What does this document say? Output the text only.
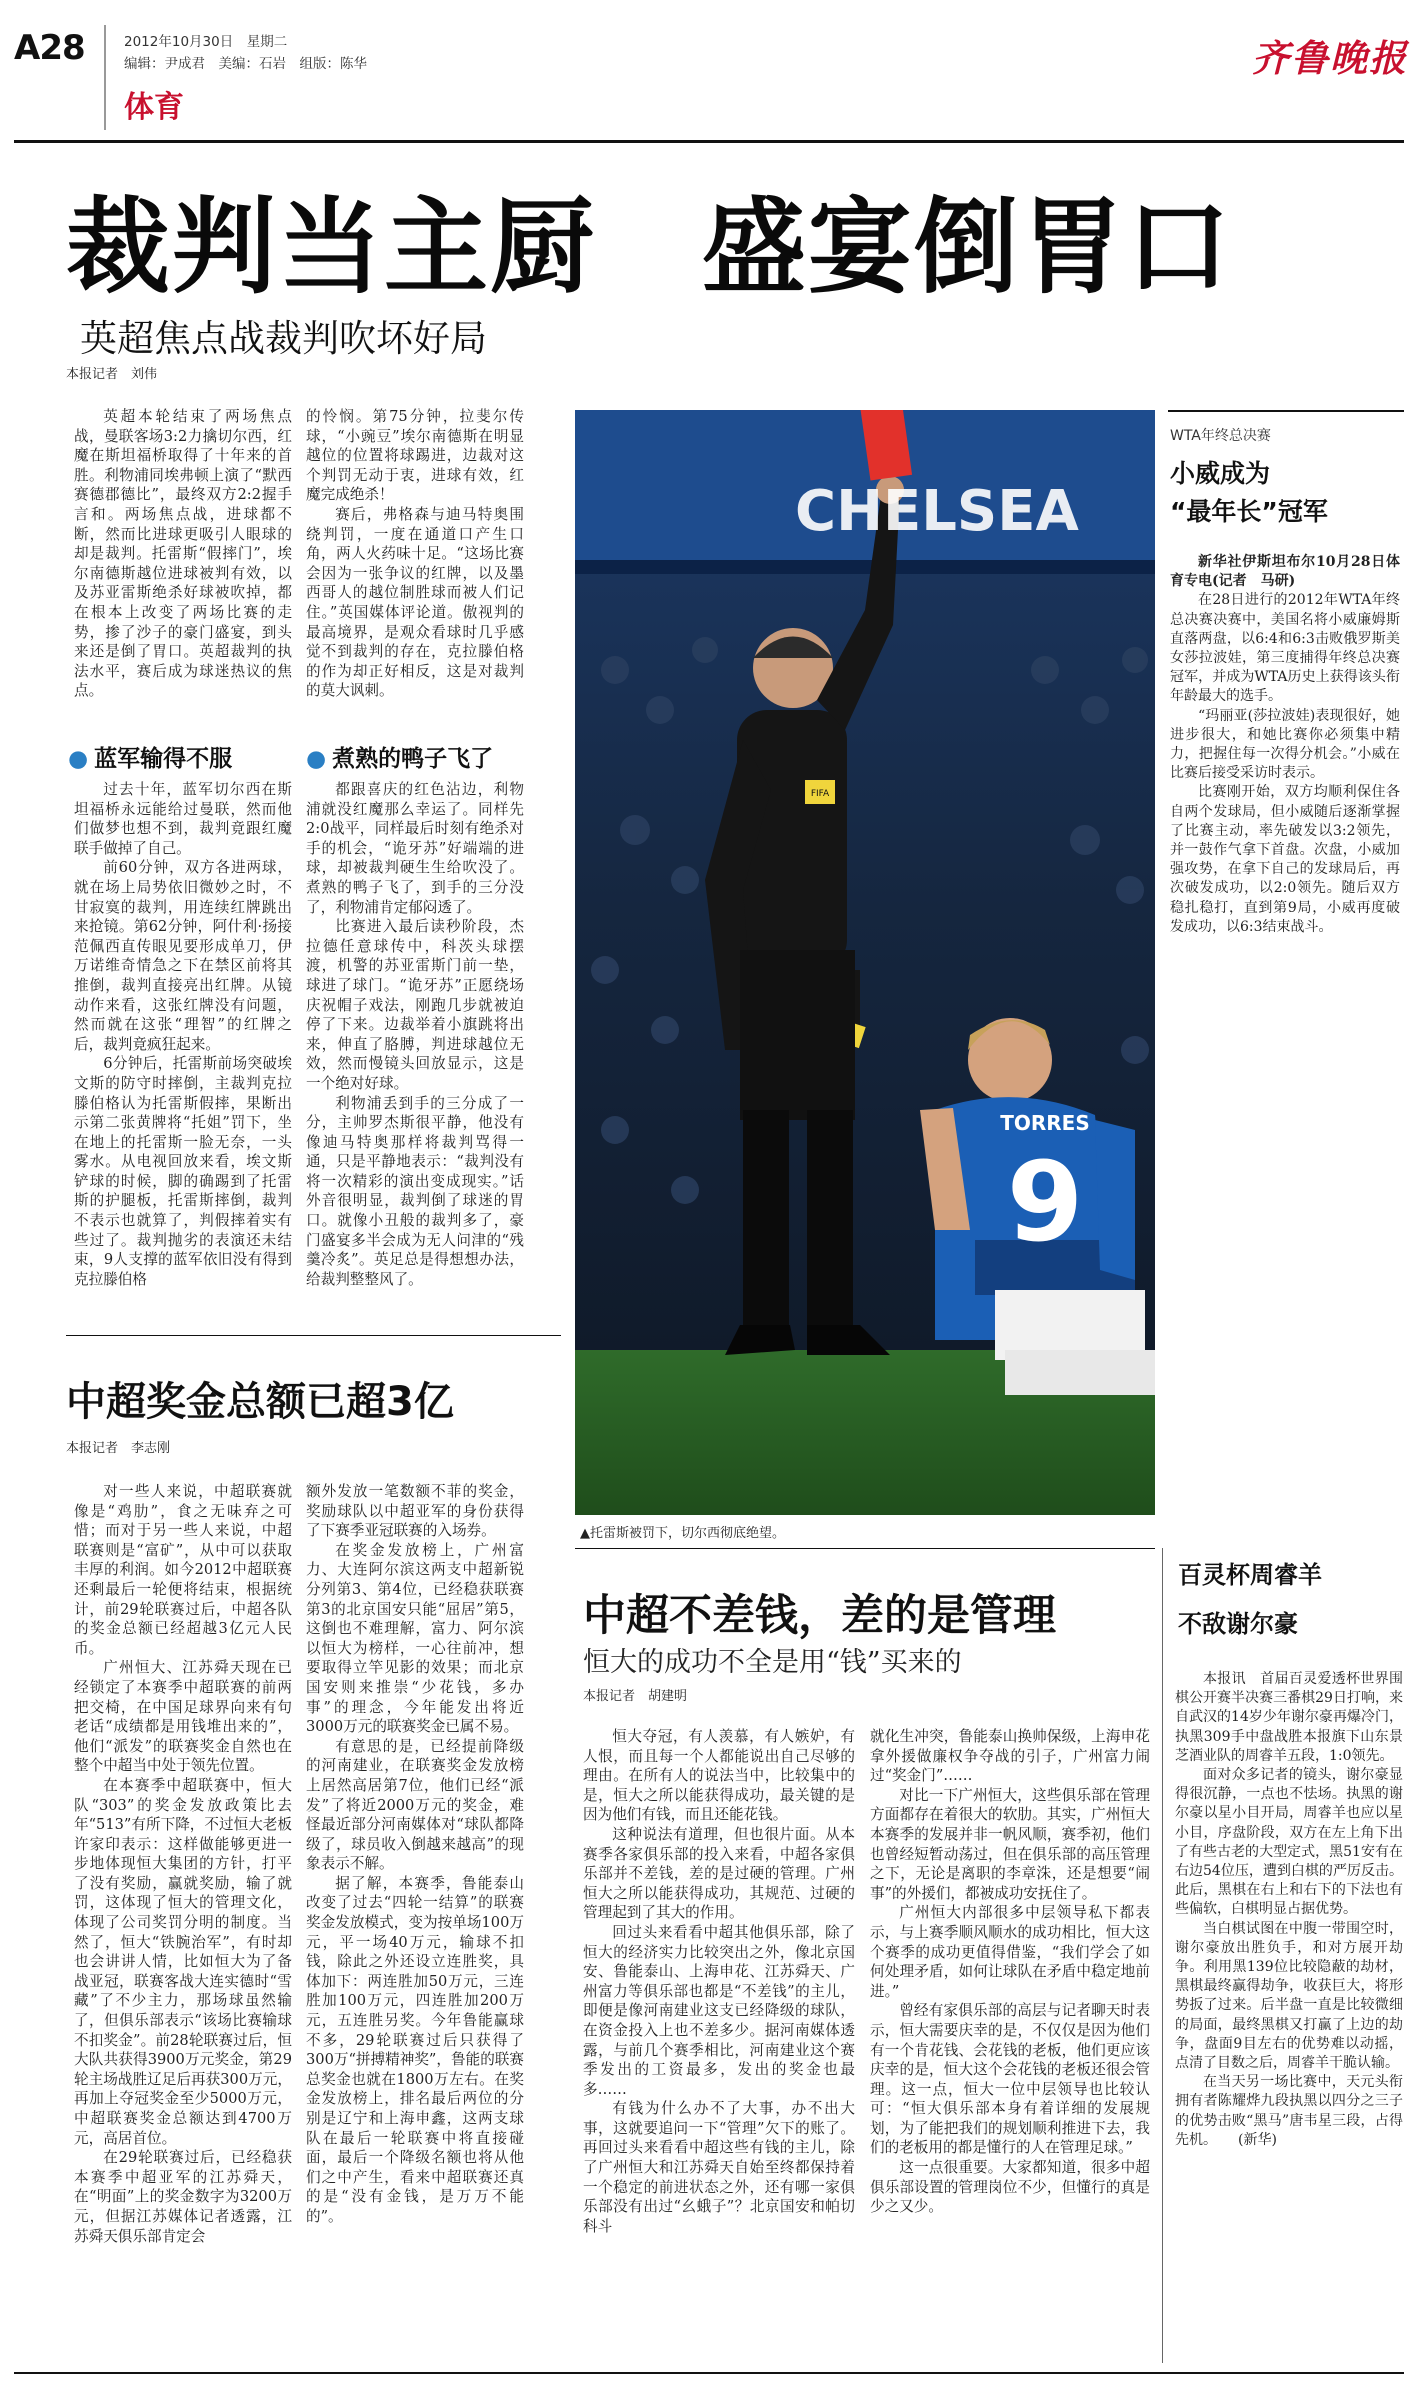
A28	2012年10月30日　星期二
编辑：尹成君　美编：石岩　组版：陈华
体育
齐鲁晚报
裁判当主厨　盛宴倒胃口
英超焦点战裁判吹坏好局
本报记者　刘伟

英超本轮结束了两场焦点战，曼联客场3:2力擒切尔西，红魔在斯坦福桥取得了十年来的首胜。利物浦同埃弗顿上演了“默西赛德郡德比”，最终双方2:2握手言和。两场焦点战，进球都不断，然而比进球更吸引人眼球的却是裁判。托雷斯“假摔门”，埃尔南德斯越位进球被判有效，以及苏亚雷斯绝杀好球被吹掉，都在根本上改变了两场比赛的走势，掺了沙子的豪门盛宴，到头来还是倒了胃口。英超裁判的执法水平，赛后成为球迷热议的焦点。

的怜悯。第75分钟，拉斐尔传球，“小豌豆”埃尔南德斯在明显越位的位置将球踢进，边裁对这个判罚无动于衷，进球有效，红魔完成绝杀！

赛后，弗格森与迪马特奥围绕判罚，一度在通道口产生口角，两人火药味十足。“这场比赛会因为一张争议的红牌，以及墨西哥人的越位制胜球而被人们记住。”英国媒体评论道。傲视判的最高境界，是观众看球时几乎感觉不到裁判的存在，克拉滕伯格的作为却正好相反，这是对裁判的莫大讽刺。

● 蓝军输得不服

过去十年，蓝军切尔西在斯坦福桥永远能给过曼联，然而他们做梦也想不到，裁判竟跟红魔联手做掉了自己。

前60分钟，双方各进两球，就在场上局势依旧微妙之时，不甘寂寞的裁判，用连续红牌跳出来抢镜。第62分钟，阿什利·扬接范佩西直传眼见要形成单刀，伊万诺维奇情急之下在禁区前将其推倒，裁判直接亮出红牌。从镜动作来看，这张红牌没有问题，然而就在这张“理智”的红牌之后，裁判竟疯狂起来。

6分钟后，托雷斯前场突破埃文斯的防守时摔倒，主裁判克拉滕伯格认为托雷斯假摔，果断出示第二张黄牌将“托姐”罚下，坐在地上的托雷斯一脸无奈，一头雾水。从电视回放来看，埃文斯铲球的时候，脚的确踢到了托雷斯的护腿板，托雷斯摔倒，裁判不表示也就算了，判假摔着实有些过了。裁判抛劣的表演还未结束，9人支撑的蓝军依旧没有得到克拉滕伯格

● 煮熟的鸭子飞了

都跟喜庆的红色沾边，利物浦就没红魔那么幸运了。同样先2:0战平，同样最后时刻有绝杀对手的机会，“诡牙苏”好端端的进球，却被裁判硬生生给吹没了。煮熟的鸭子飞了，到手的三分没了，利物浦肯定郁闷透了。

比赛进入最后读秒阶段，杰拉德任意球传中，科茨头球摆渡，机警的苏亚雷斯门前一垫，球进了球门。“诡牙苏”正愿绕场庆祝帽子戏法，刚跑几步就被迫停了下来。边裁举着小旗跳将出来，伸直了胳膊，判进球越位无效，然而慢镜头回放显示，这是一个绝对好球。

利物浦丢到手的三分成了一分，主帅罗杰斯很平静，他没有像迪马特奥那样将裁判骂得一通，只是平静地表示：“裁判没有将一次精彩的演出变成现实。”话外音很明显，裁判倒了球迷的胃口。就像小丑般的裁判多了，豪门盛宴多半会成为无人问津的“残羹冷炙”。英足总是得想想办法，给裁判整整风了。

FIFA
CHELSEA
TORRES
9
▲托雷斯被罚下，切尔西彻底绝望。
WTA年终总决赛
小威成为
“最年长”冠军

新华社伊斯坦布尔10月28日体育专电(记者　马研)

在28日进行的2012年WTA年终总决赛决赛中，美国名将小威廉姆斯直落两盘，以6:4和6:3击败俄罗斯美女莎拉波娃，第三度捕得年终总决赛冠军，并成为WTA历史上获得该头衔年龄最大的选手。

“玛丽亚(莎拉波娃)表现很好，她进步很大，和她比赛你必须集中精力，把握住每一次得分机会。”小威在比赛后接受采访时表示。

比赛刚开始，双方均顺利保住各自两个发球局，但小威随后逐渐掌握了比赛主动，率先破发以3:2领先，并一鼓作气拿下首盘。次盘，小威加强攻势，在拿下自己的发球局后，再次破发成功，以2:0领先。随后双方稳扎稳打，直到第9局，小威再度破发成功，以6:3结束战斗。

中超奖金总额已超3亿
本报记者　李志刚

对一些人来说，中超联赛就像是“鸡肋”，食之无味弃之可惜；而对于另一些人来说，中超联赛则是“富矿”，从中可以获取丰厚的利润。如今2012中超联赛还剩最后一轮便将结束，根据统计，前29轮联赛过后，中超各队的奖金总额已经超越3亿元人民币。

广州恒大、江苏舜天现在已经锁定了本赛季中超联赛的前两把交椅，在中国足球界向来有句老话“成绩都是用钱堆出来的”，他们“派发”的联赛奖金自然也在整个中超当中处于领先位置。

在本赛季中超联赛中，恒大队“303”的奖金发放政策比去年“513”有所下降，不过恒大老板许家印表示：这样做能够更进一步地体现恒大集团的方针，打平了没有奖励，赢就奖励，输了就罚，这体现了恒大的管理文化，体现了公司奖罚分明的制度。当然了，恒大“铁腕治军”，有时却也会讲讲人情，比如恒大为了备战亚冠，联赛客战大连实德时“雪藏”了不少主力，那场球虽然输了，但俱乐部表示“该场比赛输球不扣奖金”。前28轮联赛过后，恒大队共获得3900万元奖金，第29轮主场战胜辽足后再获300万元，再加上夺冠奖金至少5000万元，中超联赛奖金总额达到4700万元，高居首位。

在29轮联赛过后，已经稳获本赛季中超亚军的江苏舜天，在“明面”上的奖金数字为3200万元，但据江苏媒体记者透露，江苏舜天俱乐部肯定会

额外发放一笔数额不菲的奖金，奖励球队以中超亚军的身份获得了下赛季亚冠联赛的入场券。

在奖金发放榜上，广州富力、大连阿尔滨这两支中超新锐分列第3、第4位，已经稳获联赛第3的北京国安只能“屈居”第5，这倒也不难理解，富力、阿尔滨以恒大为榜样，一心往前冲，想要取得立竿见影的效果；而北京国安则来推崇“少花钱，多办事”的理念，今年能发出将近3000万元的联赛奖金已属不易。

有意思的是，已经提前降级的河南建业，在联赛奖金发放榜上居然高居第7位，他们已经“派发”了将近2000万元的奖金，难怪最近部分河南媒体对“球队都降级了，球员收入倒越来越高”的现象表示不解。

据了解，本赛季，鲁能泰山改变了过去“四轮一结算”的联赛奖金发放模式，变为按单场100万元，平一场40万元，输球不扣钱，除此之外还设立连胜奖，具体加下：两连胜加50万元，三连胜加100万元，四连胜加200万元，五连胜另奖。今年鲁能赢球不多，29轮联赛过后只获得了300万“拼搏精神奖”，鲁能的联赛总奖金也就在1800万左右。在奖金发放榜上，排名最后两位的分别是辽宁和上海申鑫，这两支球队在最后一轮联赛中将直接碰面，最后一个降级名额也将从他们之中产生，看来中超联赛还真的是“没有金钱，是万万不能的”。

中超不差钱，差的是管理
恒大的成功不全是用“钱”买来的
本报记者　胡建明

恒大夺冠，有人羡慕，有人嫉妒，有人恨，而且每一个人都能说出自己尽够的理由。在所有人的说法当中，比较集中的是，恒大之所以能获得成功，最关键的是因为他们有钱，而且还能花钱。

这种说法有道理，但也很片面。从本赛季各家俱乐部的投入来看，中超各家俱乐部并不差钱，差的是过硬的管理。广州恒大之所以能获得成功，其规范、过硬的管理起到了其大的作用。

回过头来看看中超其他俱乐部，除了恒大的经济实力比较突出之外，像北京国安、鲁能泰山、上海申花、江苏舜天、广州富力等俱乐部也都是“不差钱”的主儿，即便是像河南建业这支已经降级的球队，在资金投入上也不差多少。据河南媒体透露，与前几个赛季相比，河南建业这个赛季发出的工资最多，发出的奖金也最多……

有钱为什么办不了大事，办不出大事，这就要追问一下“管理”欠下的账了。再回过头来看看中超这些有钱的主儿，除了广州恒大和江苏舜天自始至终都保持着一个稳定的前进状态之外，还有哪一家俱乐部没有出过“幺蛾子”？北京国安和帕切科斗

就化生冲突，鲁能泰山换帅保级，上海申花拿外援做廉权争夺战的引子，广州富力闹过“奖金门”……

对比一下广州恒大，这些俱乐部在管理方面都存在着很大的软肋。其实，广州恒大本赛季的发展并非一帆风顺，赛季初，他们也曾经短暂动荡过，但在俱乐部的高压管理之下，无论是离职的李章洙，还是想要“闹事”的外援们，都被成功安抚住了。

广州恒大内部很多中层领导私下都表示，与上赛季顺风顺水的成功相比，恒大这个赛季的成功更值得借鉴，“我们学会了如何处理矛盾，如何让球队在矛盾中稳定地前进。”

曾经有家俱乐部的高层与记者聊天时表示，恒大需要庆幸的是，不仅仅是因为他们有一个肯花钱、会花钱的老板，他们更应该庆幸的是，恒大这个会花钱的老板还很会管理。这一点，恒大一位中层领导也比较认可：“恒大俱乐部本身有着详细的发展规划，为了能把我们的规划顺利推进下去，我们的老板用的都是懂行的人在管理足球。”

这一点很重要。大家都知道，很多中超俱乐部设置的管理岗位不少，但懂行的真是少之又少。

百灵杯周睿羊
不敌谢尔豪

本报讯　首届百灵爱透杯世界围棋公开赛半决赛三番棋29日打响，来自武汉的14岁少年谢尔豪再爆冷门，执黑309手中盘战胜本报旗下山东景芝酒业队的周睿羊五段，1:0领先。

面对众多记者的镜头，谢尔豪显得很沉静，一点也不怯场。执黑的谢尔豪以星小目开局，周睿羊也应以星小目，序盘阶段，双方在左上角下出了有些古老的大型定式，黑51安有在右边54位压，遭到白棋的严厉反击。此后，黑棋在右上和右下的下法也有些偏软，白棋明显占据优势。

当白棋试图在中腹一带围空时，谢尔豪放出胜负手，和对方展开劫争。利用黑139位比较隐蔽的劫材，黑棋最终赢得劫争，收获巨大，将形势扳了过来。后半盘一直是比较微细的局面，最终黑棋又打赢了上边的劫争，盘面9目左右的优势难以动摇，点清了目数之后，周睿羊干脆认输。

在当天另一场比赛中，天元头衔拥有者陈耀烨九段执黑以四分之三子的优势击败“黑马”唐韦星三段，占得先机。　　(新华)
